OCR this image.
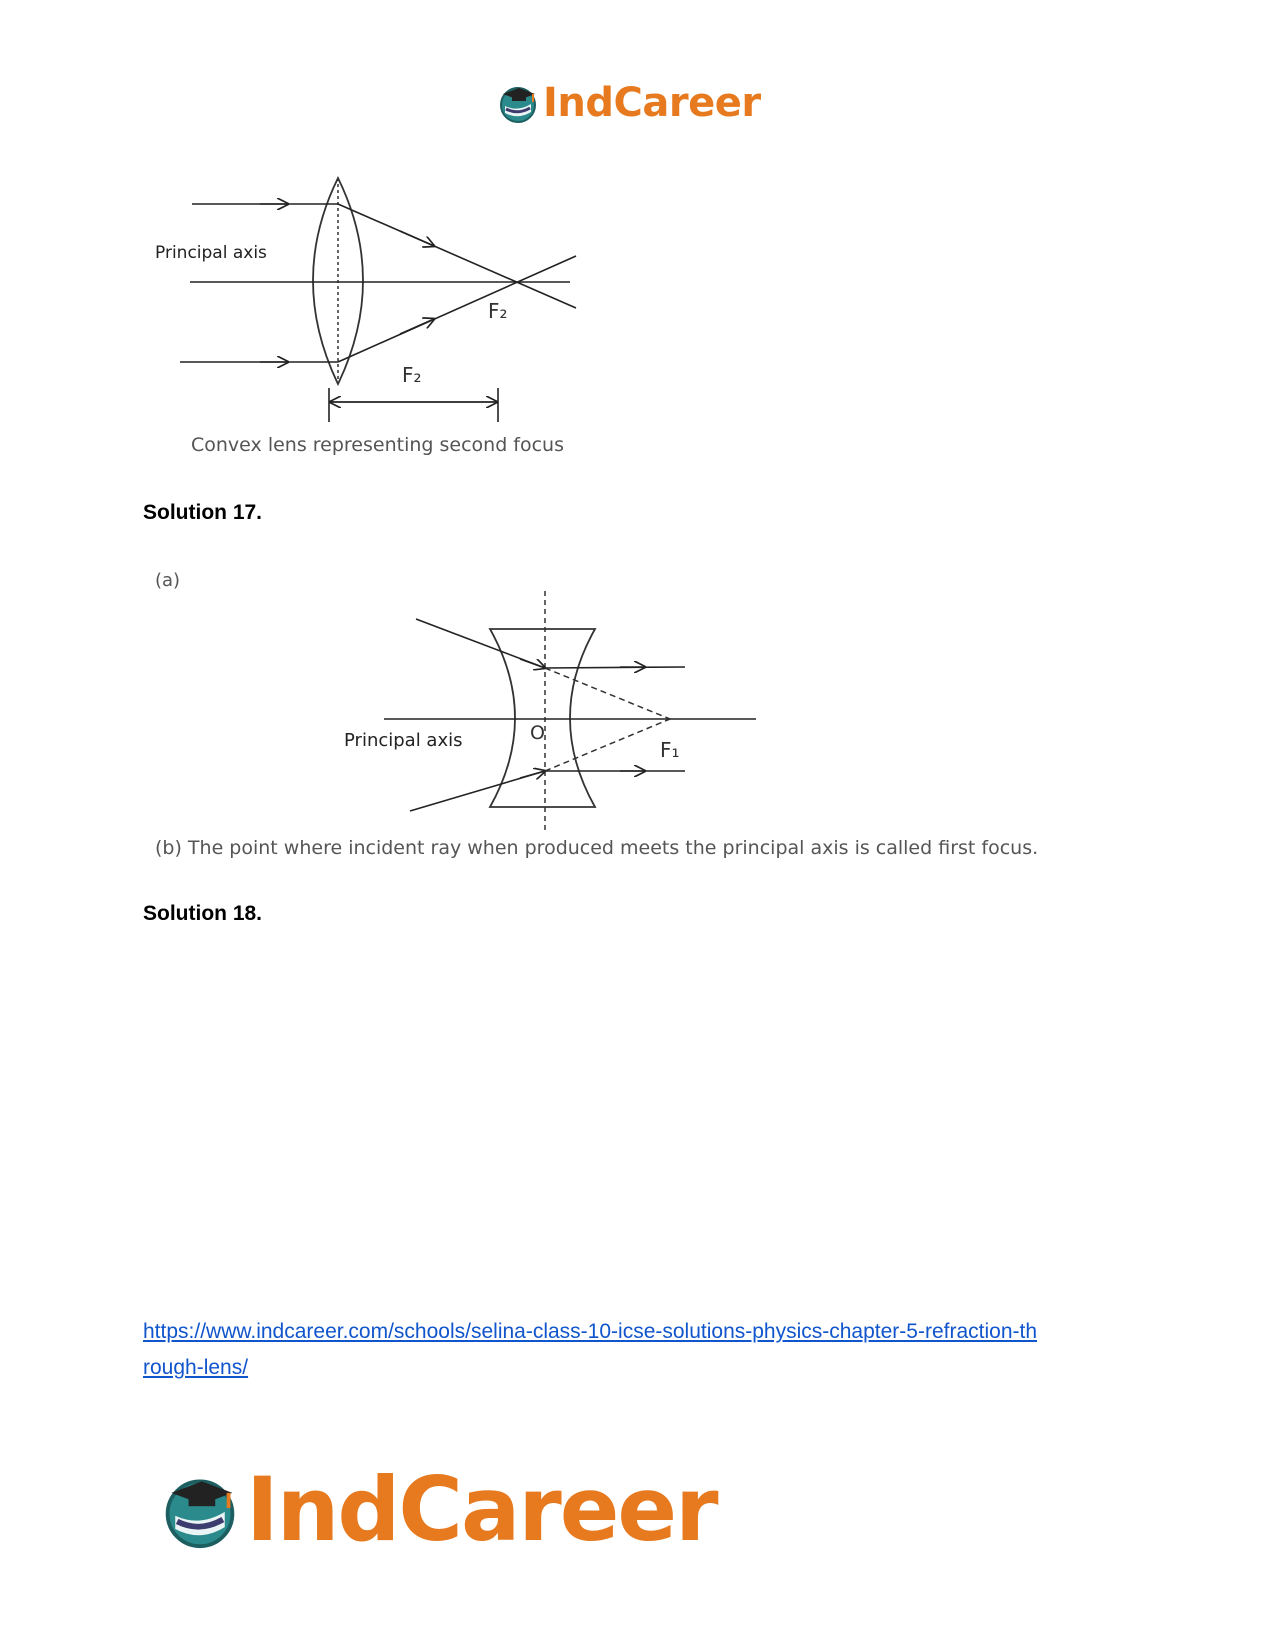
IndCareer
F₂
F₂
Principal axis
Convex lens representing second focus
Solution 17.
(a)
O
F₁
Principal axis
(b) The point where incident ray when produced meets the principal axis is called first focus.
Solution 18.
https://www.indcareer.com/schools/selina-class-10-icse-solutions-physics-chapter-5-refraction-th
rough-lens/
IndCareer
